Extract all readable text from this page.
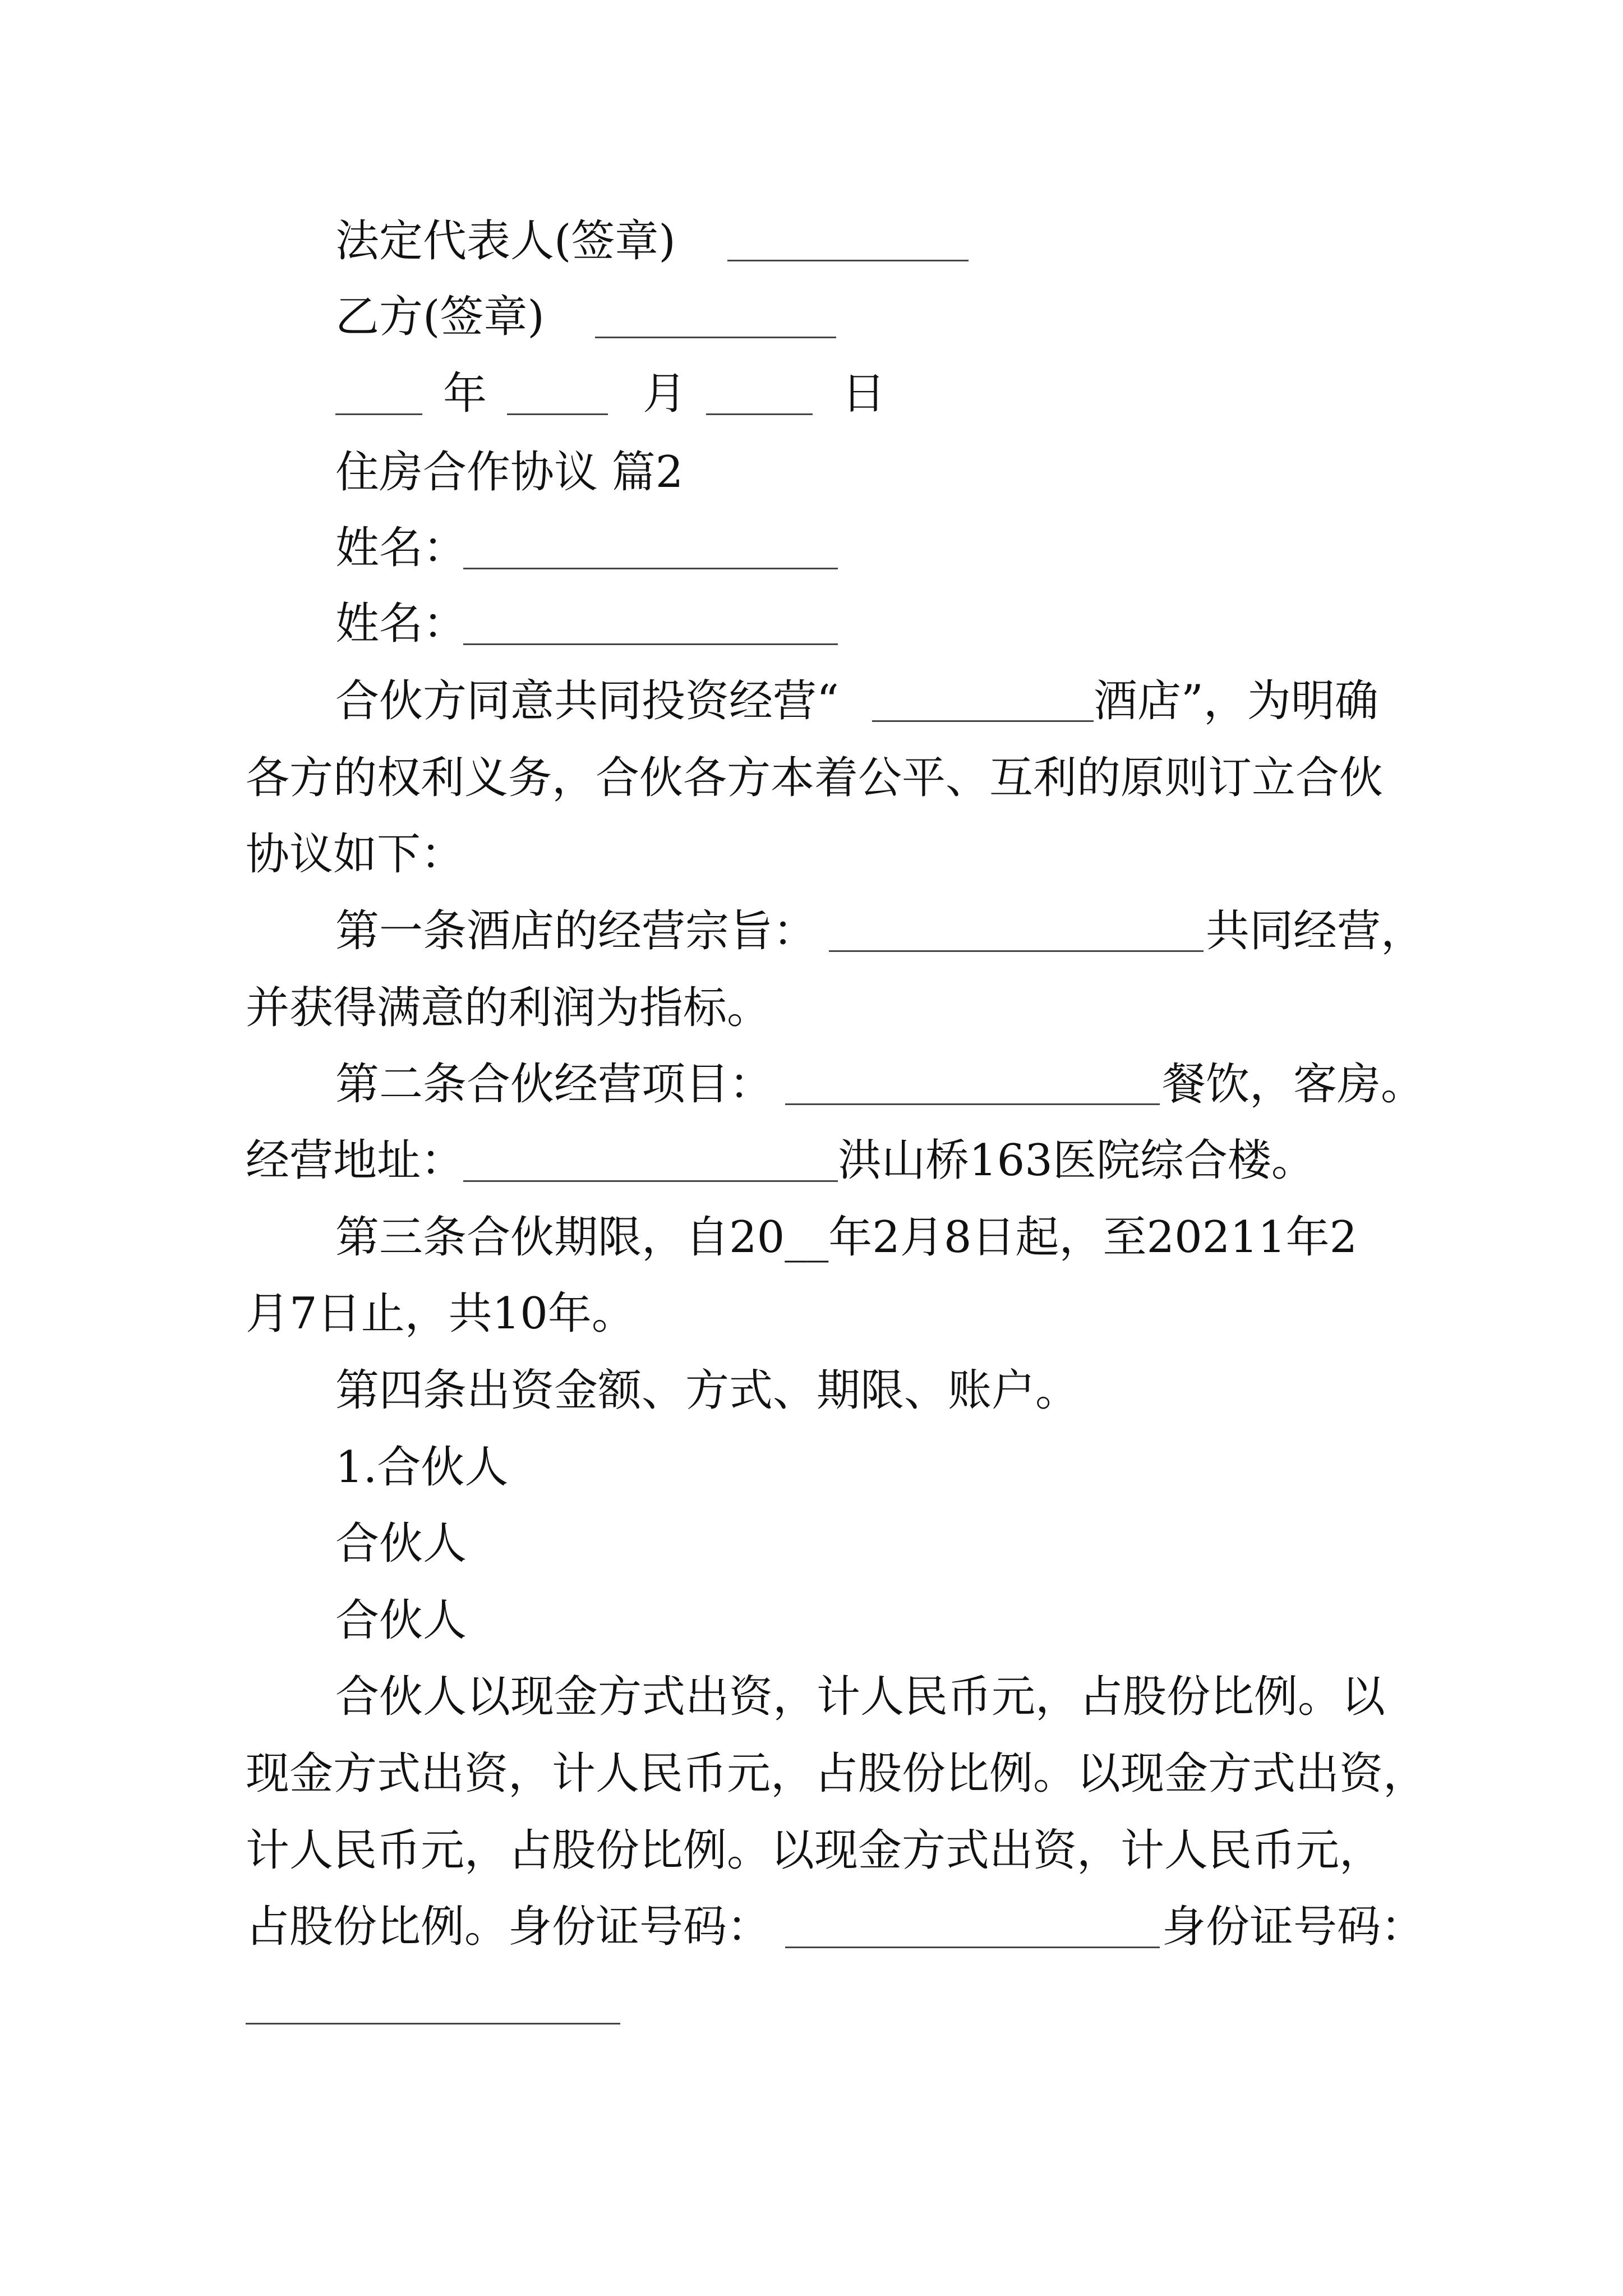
法定代表人(签章)
乙方(签章)
年	月	日
住房合作协议 篇2
姓名：
姓名：
合伙方同意共同投资经营“	酒店”，为明确
各方的权利义务，合伙各方本着公平、互利的原则订立合伙
协议如下：
第一条酒店的经营宗旨：	共同经营，
并获得满意的利润为指标。
第二条合伙经营项目：	餐饮，客房。
经营地址：	洪山桥163医院综合楼。
第三条合伙期限，自20__年2月8日起，至20211年2
月7日止，共10年。
第四条出资金额、方式、期限、账户。
1.合伙人
合伙人
合伙人
合伙人以现金方式出资，计人民币元，占股份比例。以
现金方式出资，计人民币元，占股份比例。以现金方式出资，
计人民币元，占股份比例。以现金方式出资，计人民币元，
占股份比例。身份证号码：	身份证号码：
